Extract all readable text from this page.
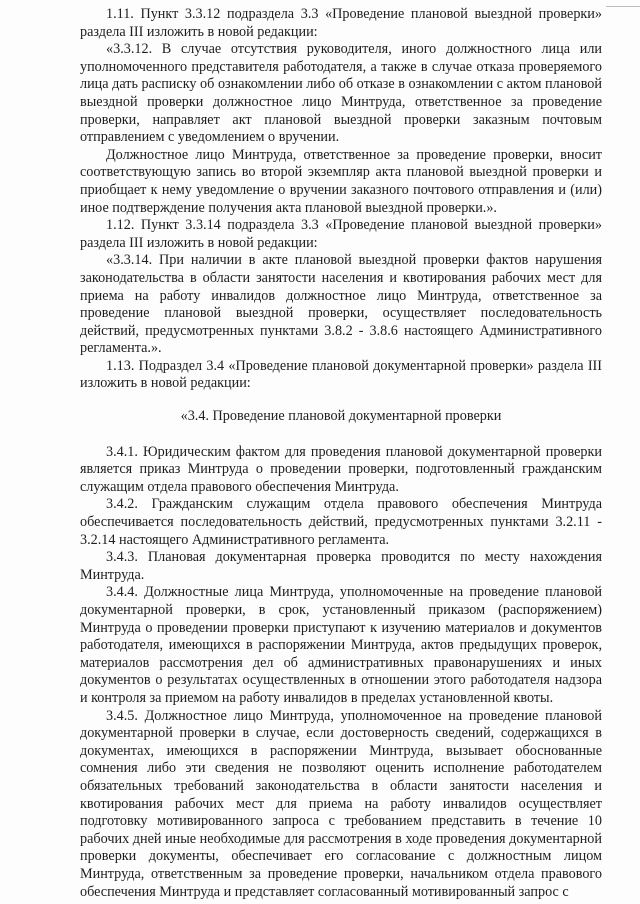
1.11. Пункт 3.3.12 подраздела 3.3 «Проведение плановой выездной проверки» раздела III изложить в новой редакции:

«3.3.12. В случае отсутствия руководителя, иного должностного лица или уполномоченного представителя работодателя, а также в случае отказа проверяемого лица дать расписку об ознакомлении либо об отказе в ознакомлении с актом плановой выездной проверки должностное лицо Минтруда, ответственное за проведение проверки, направляет акт плановой выездной проверки заказным почтовым отправлением с уведомлением о вручении.

Должностное лицо Минтруда, ответственное за проведение проверки, вносит соответствующую запись во второй экземпляр акта плановой выездной проверки и приобщает к нему уведомление о вручении заказного почтового отправления и (или) иное подтверждение получения акта плановой выездной проверки.».

1.12. Пункт 3.3.14 подраздела 3.3 «Проведение плановой выездной проверки» раздела III изложить в новой редакции:

«3.3.14. При наличии в акте плановой выездной проверки фактов нарушения законодательства в области занятости населения и квотирования рабочих мест для приема на работу инвалидов должностное лицо Минтруда, ответственное за проведение плановой выездной проверки, осуществляет последовательность действий, предусмотренных пунктами 3.8.2 - 3.8.6 настоящего Административного регламента.».

1.13. Подраздел 3.4 «Проведение плановой документарной проверки» раздела III изложить в новой редакции:

«3.4. Проведение плановой документарной проверки

3.4.1. Юридическим фактом для проведения плановой документарной проверки является приказ Минтруда о проведении проверки, подготовленный гражданским служащим отдела правового обеспечения Минтруда.

3.4.2. Гражданским служащим отдела правового обеспечения Минтруда обеспечивается последовательность действий, предусмотренных пунктами 3.2.11 - 3.2.14 настоящего Административного регламента.

3.4.3. Плановая документарная проверка проводится по месту нахождения Минтруда.

3.4.4. Должностные лица Минтруда, уполномоченные на проведение плановой документарной проверки, в срок, установленный приказом (распоряжением) Минтруда о проведении проверки приступают к изучению материалов и документов работодателя, имеющихся в распоряжении Минтруда, актов предыдущих проверок, материалов рассмотрения дел об административных правонарушениях и иных документов о результатах осуществленных в отношении этого работодателя надзора и контроля за приемом на работу инвалидов в пределах установленной квоты.

3.4.5. Должностное лицо Минтруда, уполномоченное на проведение плановой документарной проверки в случае, если достоверность сведений, содержащихся в документах, имеющихся в распоряжении Минтруда, вызывает обоснованные сомнения либо эти сведения не позволяют оценить исполнение работодателем обязательных требований законодательства в области занятости населения и квотирования рабочих мест для приема на работу инвалидов осуществляет подготовку мотивированного запроса с требованием представить в течение 10 рабочих дней иные необходимые для рассмотрения в ходе проведения документарной проверки документы, обеспечивает его согласование с должностным лицом Минтруда, ответственным за проведение проверки, начальником отдела правового обеспечения Минтруда и представляет согласованный мотивированный запрос с
